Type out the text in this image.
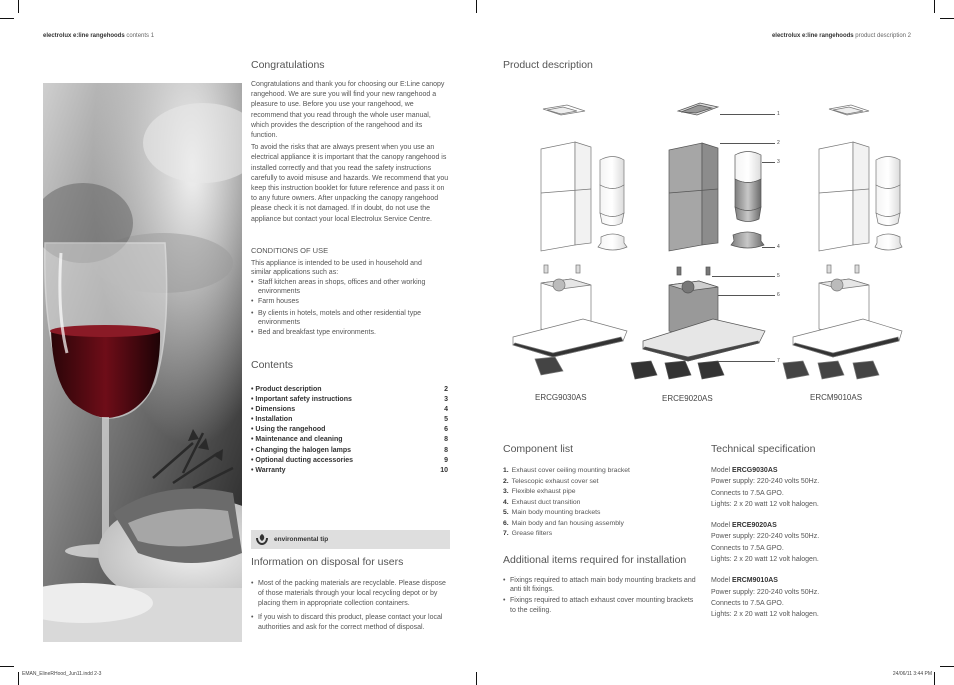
electrolux e:line rangehoods contents 1	electrolux e:line rangehoods product description 2
Congratulations

Congratulations and thank you for choosing our E:Line canopy rangehood. We are sure you will find your new rangehood a pleasure to use. Before you use your rangehood, we recommend that you read through the whole user manual, which provides the description of the rangehood and its function.

To avoid the risks that are always present when you use an electrical appliance it is important that the canopy rangehood is installed correctly and that you read the safety instructions carefully to avoid misuse and hazards. We recommend that you keep this instruction booklet for future reference and pass it on to any future owners. After unpacking the canopy rangehood please check it is not damaged. If in doubt, do not use the appliance but contact your local Electrolux Service Centre.

CONDITIONS OF USE
This appliance is intended to be used in household and similar applications such as:
• Staff kitchen areas in shops, offices and other working environments
• Farm houses
• By clients in hotels, motels and other residential type environments
• Bed and breakfast type environments.
Contents
• Product description	2
• Important safety instructions	3
• Dimensions	4
• Installation	5
• Using the rangehood	6
• Maintenance and cleaning	8
• Changing the halogen lamps	8
• Optional ducting accessories	9
• Warranty	10
environmental tip
Information on disposal for users
• Most of the packing materials are recyclable. Please dispose of those materials through your local recycling depot or by placing them in appropriate collection containers.
• If you wish to discard this product, please contact your local authorities and ask for the correct method of disposal.
Product description
1
2
3
4
5
6
7
ERCG9030AS	ERCE9020AS	ERCM9010AS
Component list
1. Exhaust cover ceiling mounting bracket
2. Telescopic exhaust cover set
3. Flexible exhaust pipe
4. Exhaust duct transition
5. Main body mounting brackets
6. Main body and fan housing assembly
7. Grease filters
Additional items required for installation
• Fixings required to attach main body mounting brackets and anti tilt fixings.
• Fixings required to attach exhaust cover mounting brackets to the ceiling.
Technical specification
Model ERCG9030AS
Power supply: 220-240 volts 50Hz.
Connects to 7.5A GPO.
Lights: 2 x 20 watt 12 volt halogen.
Model ERCE9020AS
Power supply: 220-240 volts 50Hz.
Connects to 7.5A GPO.
Lights: 2 x 20 watt 12 volt halogen.
Model ERCM9010AS
Power supply: 220-240 volts 50Hz.
Connects to 7.5A GPO.
Lights: 2 x 20 watt 12 volt halogen.
EMAN_ElineRHood_Jun11.indd 2-3	24/06/11 3:44 PM
